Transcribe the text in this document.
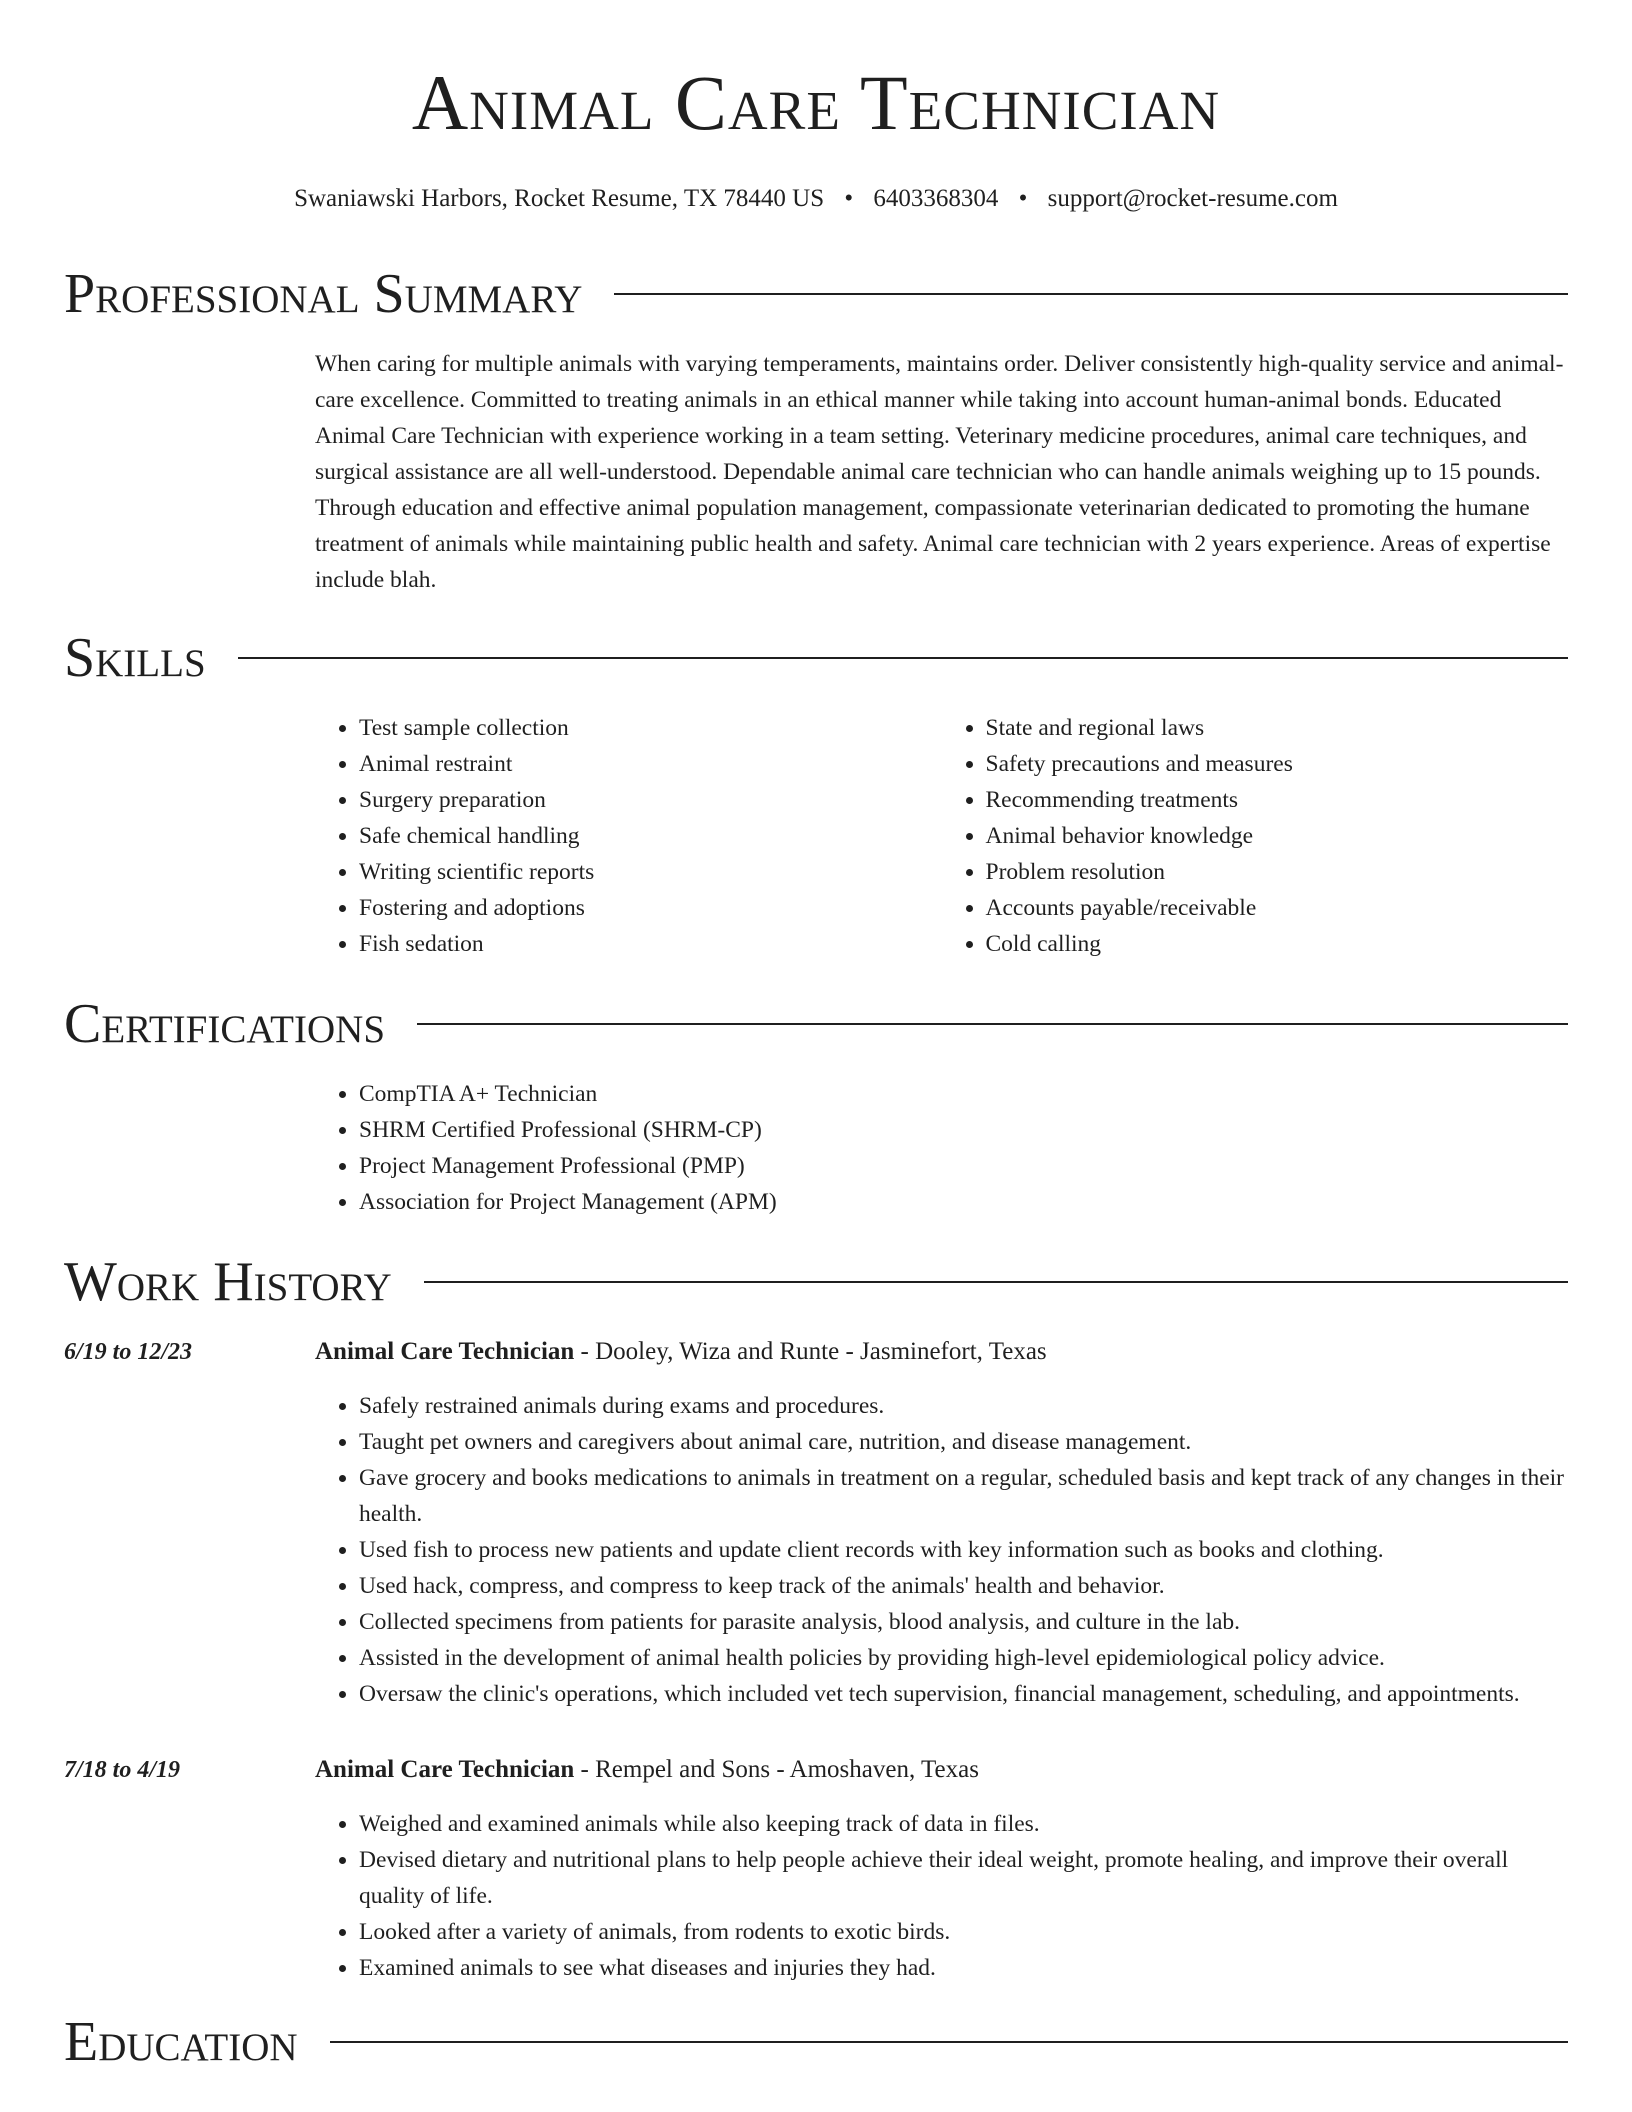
Animal Care Technician
Swaniawski Harbors, Rocket Resume, TX 78440 US • 6403368304 • support@rocket-resume.com
Professional Summary
When caring for multiple animals with varying temperaments, maintains order. Deliver consistently high-quality service and animal-care excellence. Committed to treating animals in an ethical manner while taking into account human-animal bonds. Educated Animal Care Technician with experience working in a team setting. Veterinary medicine procedures, animal care techniques, and surgical assistance are all well-understood. Dependable animal care technician who can handle animals weighing up to 15 pounds. Through education and effective animal population management, compassionate veterinarian dedicated to promoting the humane treatment of animals while maintaining public health and safety. Animal care technician with 2 years experience. Areas of expertise include blah.
Skills
• Test sample collection
• Animal restraint
• Surgery preparation
• Safe chemical handling
• Writing scientific reports
• Fostering and adoptions
• Fish sedation
• State and regional laws
• Safety precautions and measures
• Recommending treatments
• Animal behavior knowledge
• Problem resolution
• Accounts payable/receivable
• Cold calling
Certifications
• CompTIA A+ Technician
• SHRM Certified Professional (SHRM-CP)
• Project Management Professional (PMP)
• Association for Project Management (APM)
Work History
6/19 to 12/23	Animal Care Technician - Dooley, Wiza and Runte - Jasminefort, Texas
• Safely restrained animals during exams and procedures.
• Taught pet owners and caregivers about animal care, nutrition, and disease management.
• Gave grocery and books medications to animals in treatment on a regular, scheduled basis and kept track of any changes in their health.
• Used fish to process new patients and update client records with key information such as books and clothing.
• Used hack, compress, and compress to keep track of the animals' health and behavior.
• Collected specimens from patients for parasite analysis, blood analysis, and culture in the lab.
• Assisted in the development of animal health policies by providing high-level epidemiological policy advice.
• Oversaw the clinic's operations, which included vet tech supervision, financial management, scheduling, and appointments.
7/18 to 4/19	Animal Care Technician - Rempel and Sons - Amoshaven, Texas
• Weighed and examined animals while also keeping track of data in files.
• Devised dietary and nutritional plans to help people achieve their ideal weight, promote healing, and improve their overall quality of life.
• Looked after a variety of animals, from rodents to exotic birds.
• Examined animals to see what diseases and injuries they had.
Education
